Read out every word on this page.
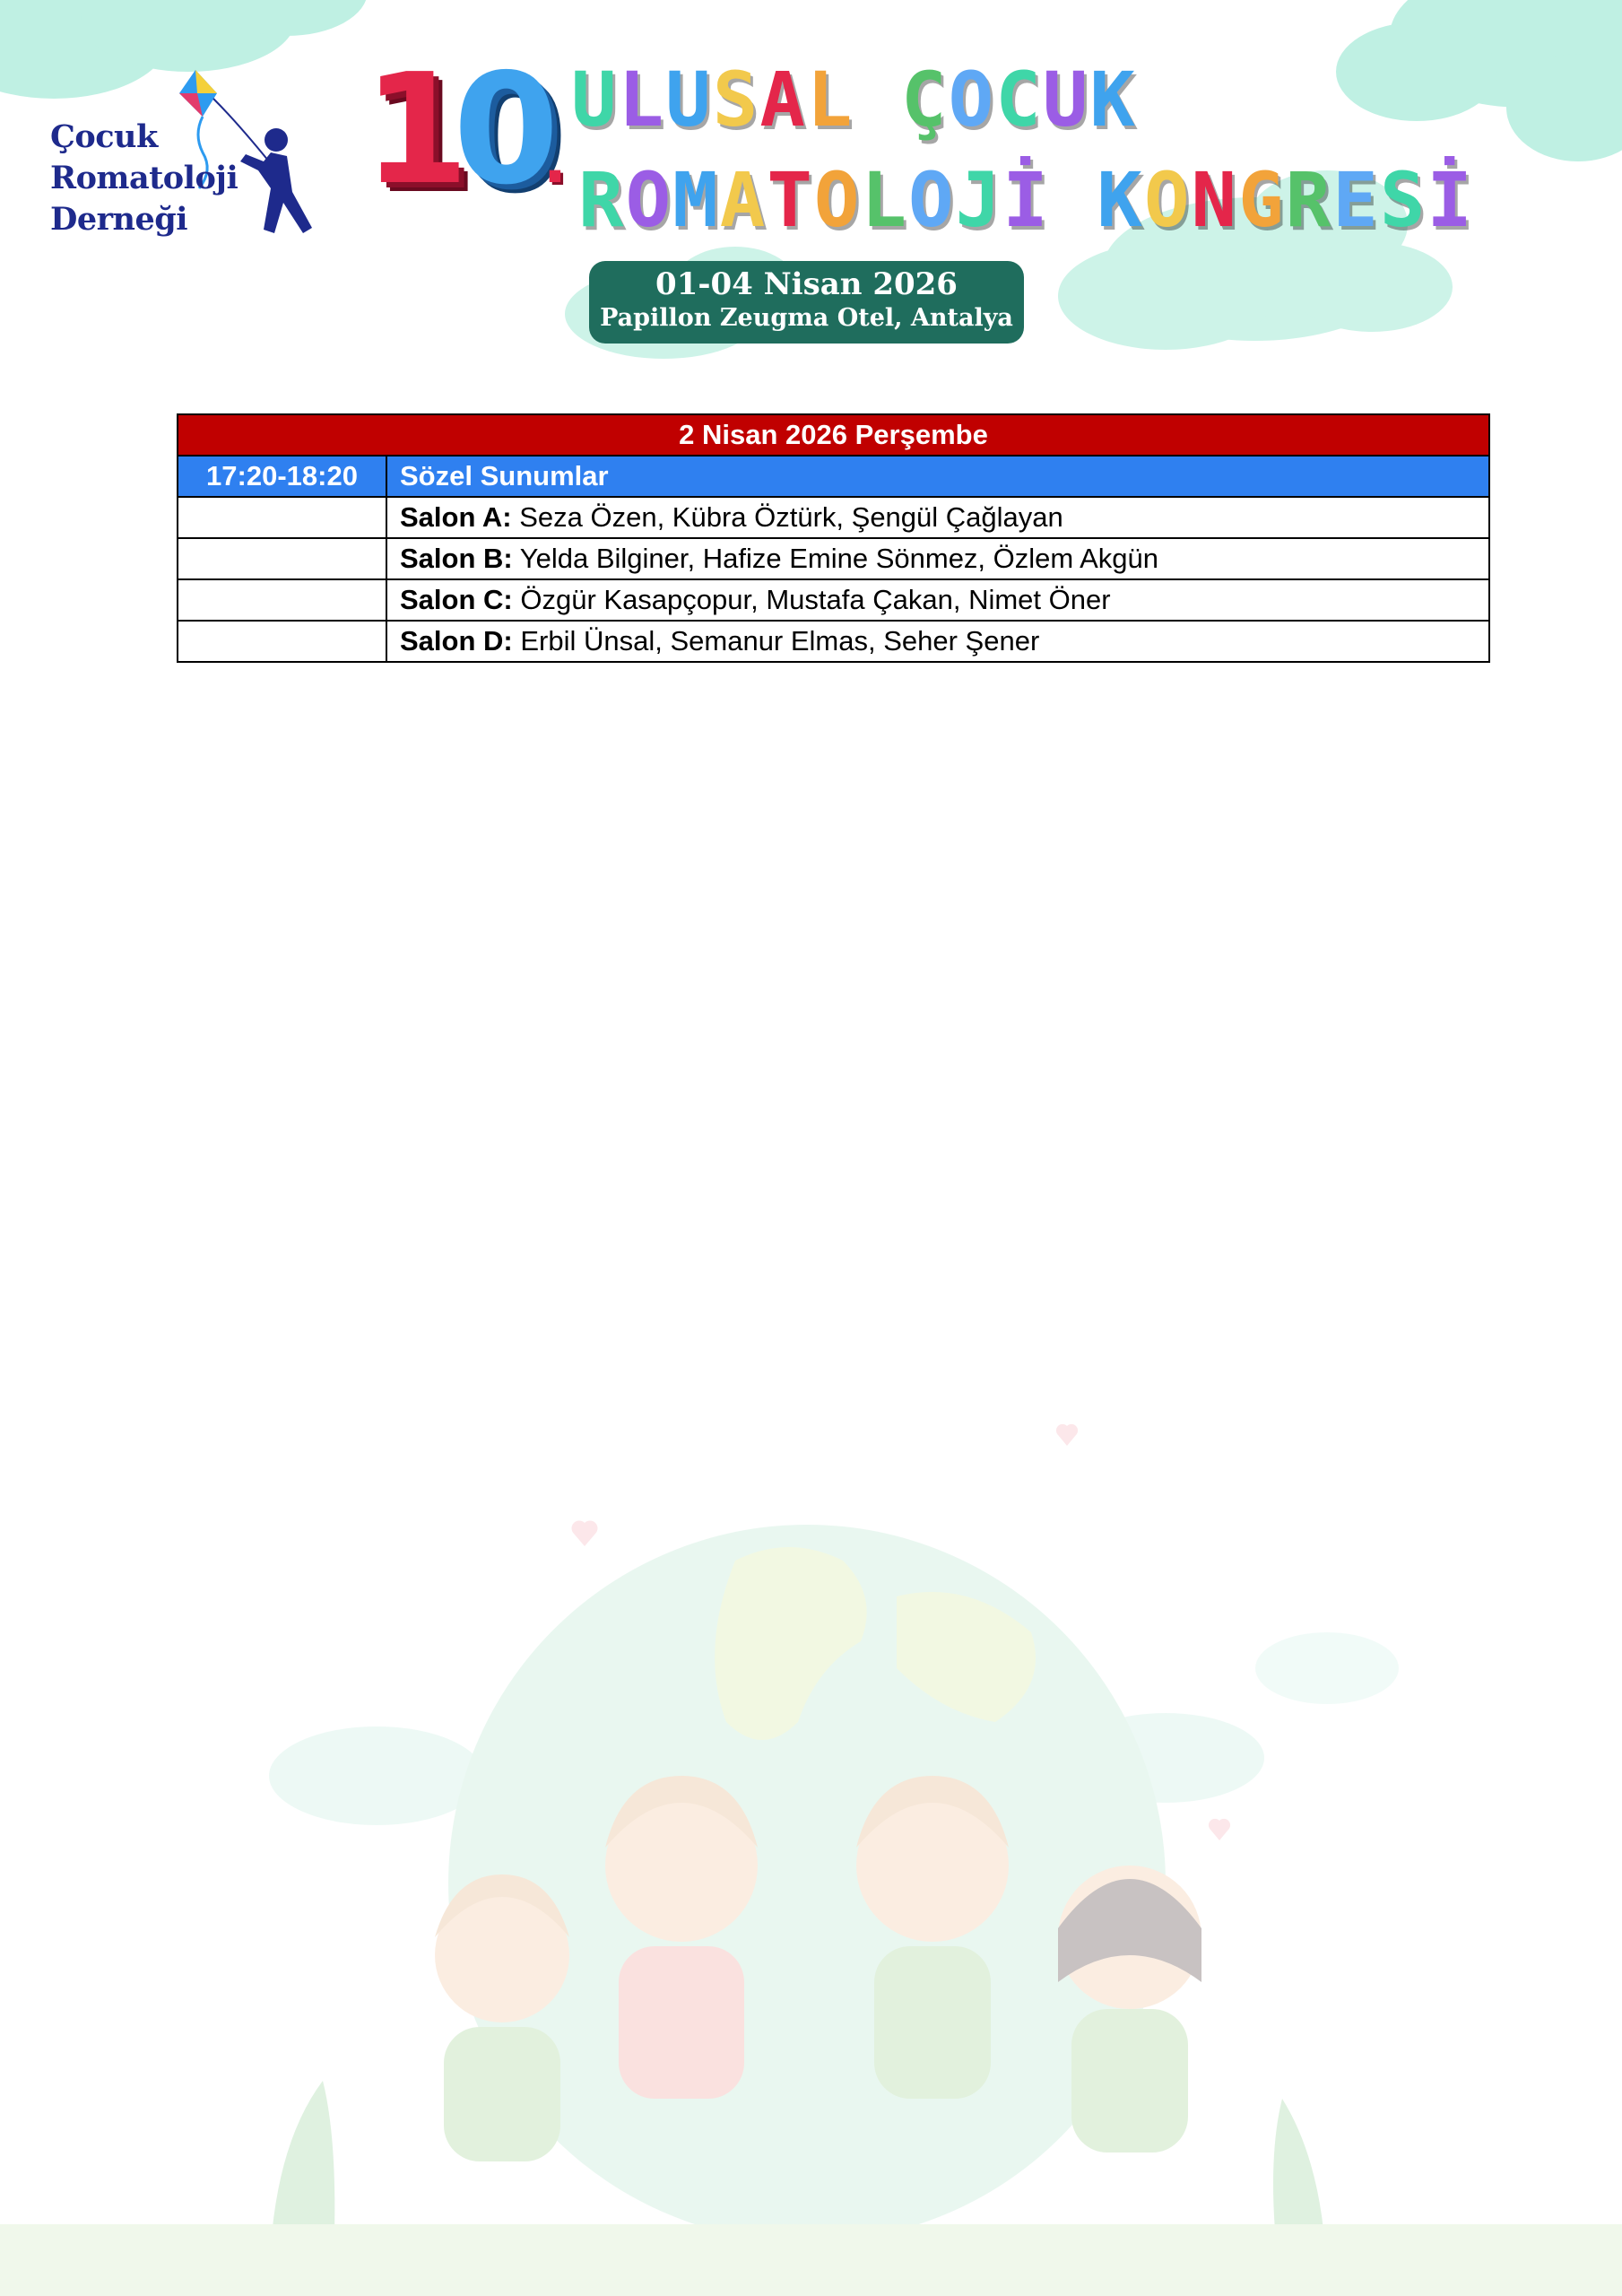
Çocuk
Romatoloji
Derneği
10.
ULUSAL ÇOCUK
ROMATOLOJİ KONGRESİ
01-04 Nisan 2026
Papillon Zeugma Otel, Antalya
2 Nisan 2026 Perşembe	
17:20-18:20	Sözel Sunumlar
	Salon A: Seza Özen, Kübra Öztürk, Şengül Çağlayan
	Salon B: Yelda Bilginer, Hafize Emine Sönmez, Özlem Akgün
	Salon C: Özgür Kasapçopur, Mustafa Çakan, Nimet Öner
	Salon D: Erbil Ünsal, Semanur Elmas, Seher Şener
